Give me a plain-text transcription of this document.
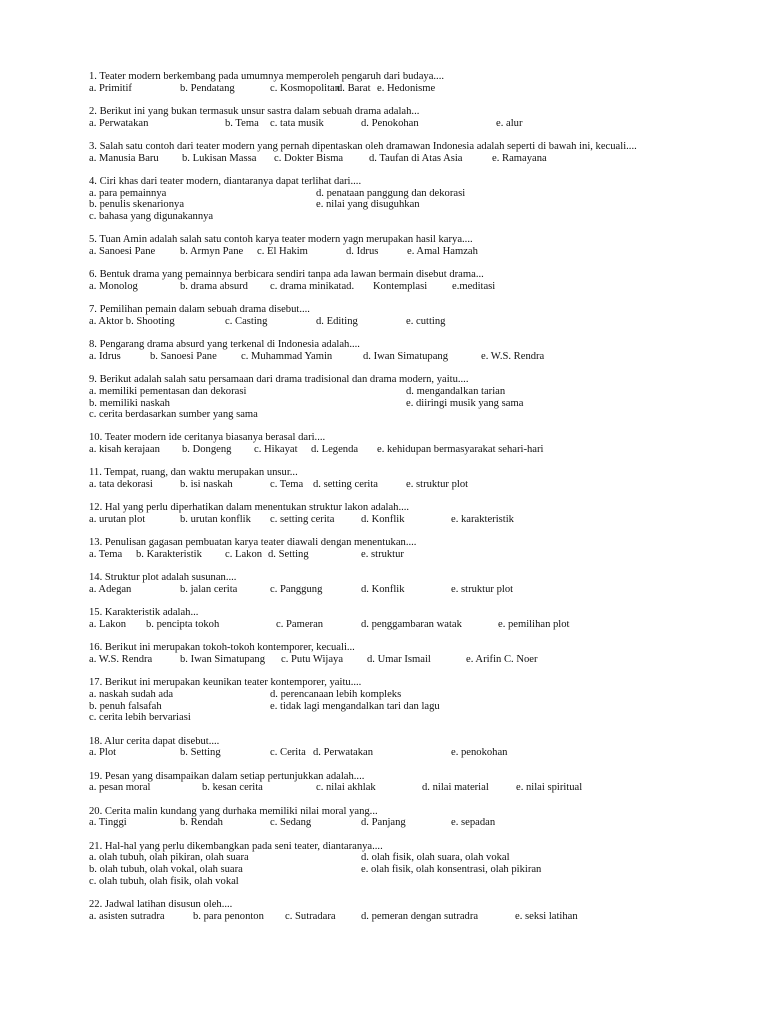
1. Teater modern berkembang pada umumnya memperoleh pengaruh dari budaya....

a. Primitif

	b. Pendatang

	c. Kosmopolitan

d. Barat

e. Hedonisme

2. Berikut ini yang bukan termasuk unsur sastra dalam sebuah drama adalah...

a. Perwatakan

	b. Tema

c. tata musik

	d. Penokohan

	e. alur

3. Salah satu contoh dari teater modern yang pernah dipentaskan oleh dramawan Indonesia adalah seperti di bawah ini, kecuali....

a. Manusia Baru

b. Lukisan Massa

c. Dokter Bisma

d. Taufan di Atas Asia

	e. Ramayana

4. Ciri khas dari teater modern, diantaranya dapat terlihat dari....

a. para pemainnya

	d. penataan panggung dan dekorasi

b. penulis skenarionya

	e. nilai yang disuguhkan

c. bahasa yang digunakannya

5. Tuan Amin adalah salah satu contoh karya teater modern yagn merupakan hasil karya....

a. Sanoesi Pane

b. Armyn Pane

c. El Hakim

	d. Idrus

	e. Amal Hamzah

6. Bentuk drama yang pemainnya berbicara sendiri tanpa ada lawan bermain disebut drama...

a. Monolog

	b. drama absurd

c. drama minikatad.

Kontemplasi

e.meditasi

7. Pemilihan pemain dalam sebuah drama disebut....

a. Aktor b. Shooting

	c. Casting

	d. Editing

	e. cutting

8. Pengarang drama absurd yang terkenal di Indonesia adalah....

a. Idrus

	b. Sanoesi Pane

c. Muhammad Yamin

	d. Iwan Simatupang

	e. W.S. Rendra

9. Berikut adalah salah satu persamaan dari drama tradisional dan drama modern, yaitu....

a. memiliki pementasan dan dekorasi

	d. mengandalkan tarian

b. memiliki naskah

	e. diiringi musik yang sama

c. cerita berdasarkan sumber yang sama

10. Teater modern ide ceritanya biasanya berasal dari....

a. kisah kerajaan

b. Dongeng

c. Hikayat

d. Legenda

e. kehidupan bermasyarakat sehari-hari

11. Tempat, ruang, dan waktu merupakan unsur...

a. tata dekorasi

	b. isi naskah

	c. Tema

d. setting cerita

	e. struktur plot

12. Hal yang perlu diperhatikan dalam menentukan struktur lakon adalah....

a. urutan plot

	b. urutan konflik

c. setting cerita

	d. Konflik

	e. karakteristik

13. Penulisan gagasan pembuatan karya teater diawali dengan menentukan....

a. Tema

b. Karakteristik

c. Lakon

d. Setting

	e. struktur

14. Struktur plot adalah susunan....

a. Adegan

	b. jalan cerita

	c. Panggung

	d. Konflik

	e. struktur plot

15. Karakteristik adalah...

a. Lakon

b. pencipta tokoh

	c. Pameran

	d. penggambaran watak

	e. pemilihan plot

16. Berikut ini merupakan tokoh-tokoh kontemporer, kecuali...

a. W.S. Rendra

	b. Iwan Simatupang

c. Putu Wijaya

d. Umar Ismail

	e. Arifin C. Noer

17. Berikut ini merupakan keunikan teater kontemporer, yaitu....

a. naskah sudah ada

	d. perencanaan lebih kompleks

b. penuh falsafah

	e. tidak lagi mengandalkan tari dan lagu

c. cerita lebih bervariasi

18. Alur cerita dapat disebut....

a. Plot

	b. Setting

	c. Cerita

d. Perwatakan

	e. penokohan

19. Pesan yang disampaikan dalam setiap pertunjukkan adalah....

a. pesan moral

	b. kesan cerita

	c. nilai akhlak

	d. nilai material

	e. nilai spiritual

20. Cerita malin kundang yang durhaka memiliki nilai moral yang...

a. Tinggi

	b. Rendah

	c. Sedang

	d. Panjang

	e. sepadan

21. Hal-hal yang perlu dikembangkan pada seni teater, diantaranya....

a. olah tubuh, olah pikiran, olah suara

	d. olah fisik, olah suara, olah vokal

b. olah tubuh, olah vokal, olah suara

	e. olah fisik, olah konsentrasi, olah pikiran

c. olah tubuh, olah fisik, olah vokal

22. Jadwal latihan disusun oleh....

a. asisten sutradra

	b. para penonton

c. Sutradara

d. pemeran dengan sutradra

	e. seksi latihan
